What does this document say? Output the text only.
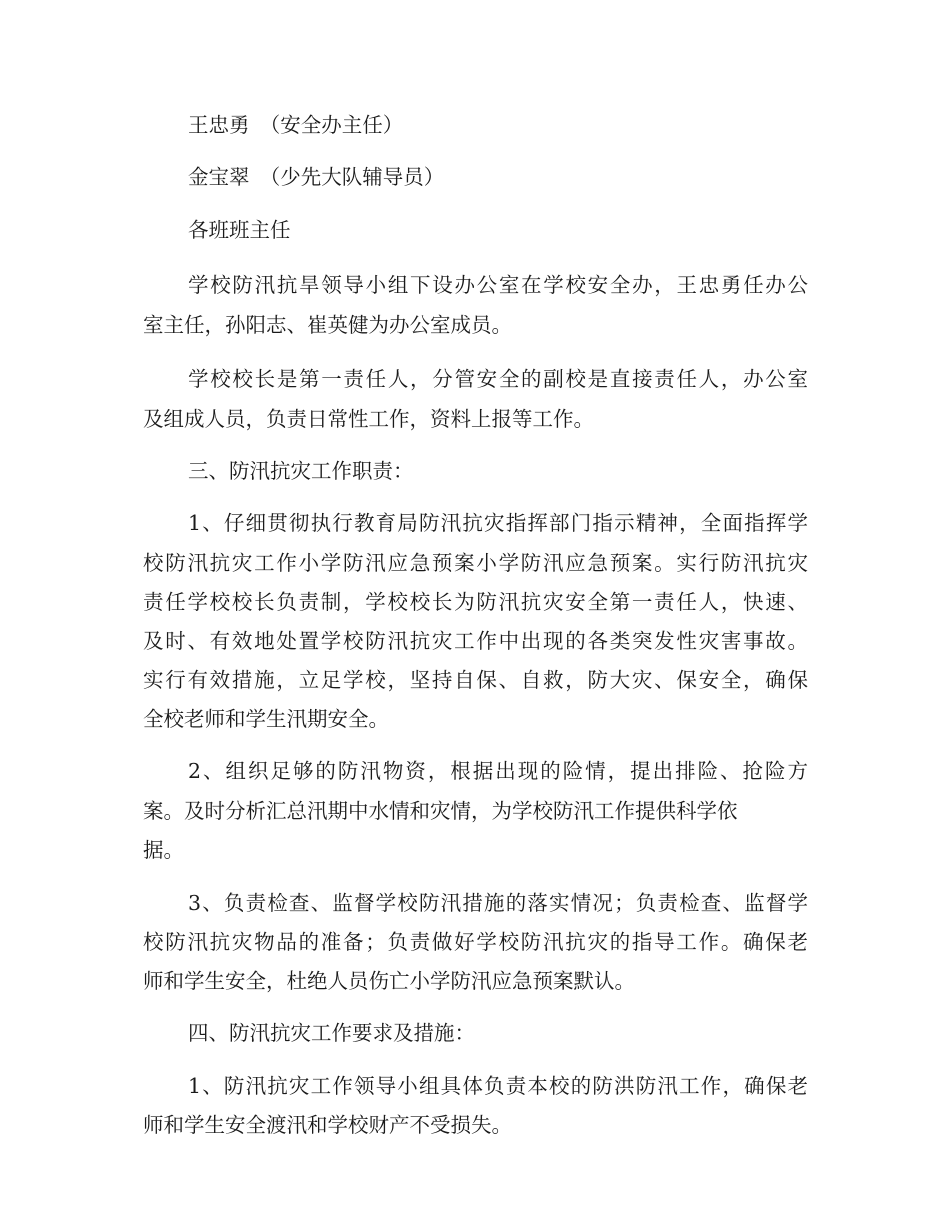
王忠勇　（安全办主任）
金宝翠　（少先大队辅导员）
各班班主任
学校防汛抗旱领导小组下设办公室在学校安全办，王忠勇任办公
室主任，孙阳志、崔英健为办公室成员。
学校校长是第一责任人，分管安全的副校是直接责任人，办公室
及组成人员，负责日常性工作，资料上报等工作。
三、防汛抗灾工作职责：
1、仔细贯彻执行教育局防汛抗灾指挥部门指示精神，全面指挥学
校防汛抗灾工作小学防汛应急预案小学防汛应急预案。实行防汛抗灾
责任学校校长负责制，学校校长为防汛抗灾安全第一责任人，快速、
及时、有效地处置学校防汛抗灾工作中出现的各类突发性灾害事故。
实行有效措施，立足学校，坚持自保、自救，防大灾、保安全，确保
全校老师和学生汛期安全。
2、组织足够的防汛物资，根据出现的险情，提出排险、抢险方
案。及时分析汇总汛期中水情和灾情，为学校防汛工作提供科学依
据。
3、负责检查、监督学校防汛措施的落实情况；负责检查、监督学
校防汛抗灾物品的准备；负责做好学校防汛抗灾的指导工作。确保老
师和学生安全，杜绝人员伤亡小学防汛应急预案默认。
四、防汛抗灾工作要求及措施：
1、防汛抗灾工作领导小组具体负责本校的防洪防汛工作，确保老
师和学生安全渡汛和学校财产不受损失。
